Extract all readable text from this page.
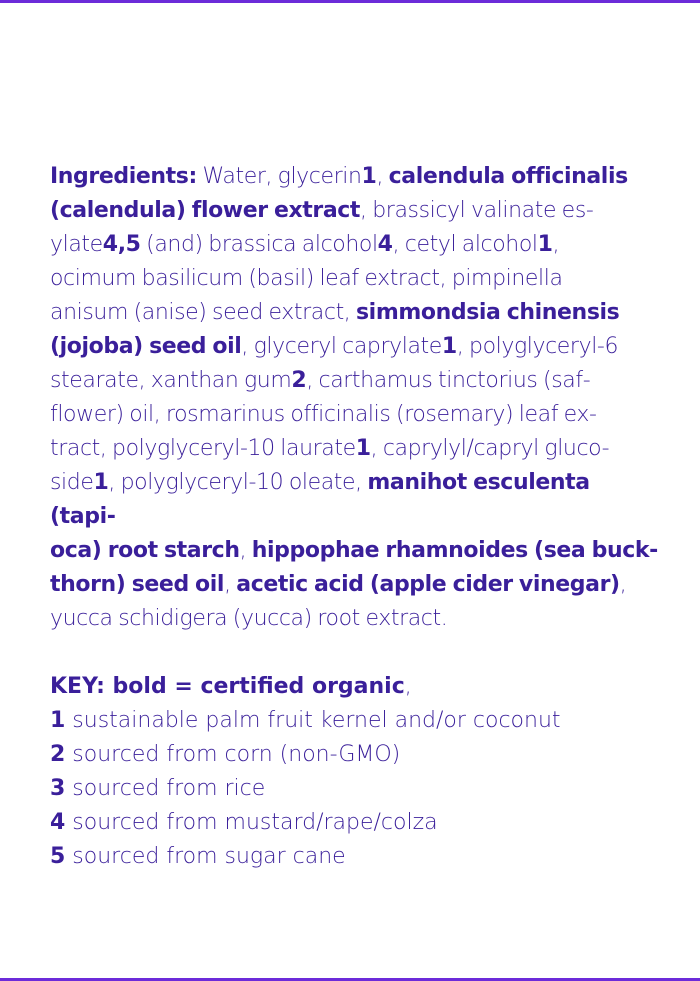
Ingredients: Water, glycerin1, calendula officinalis
(calendula) flower extract, brassicyl valinate es-
ylate4,5 (and) brassica alcohol4, cetyl alcohol1,
ocimum basilicum (basil) leaf extract, pimpinella
anisum (anise) seed extract, simmondsia chinensis
(jojoba) seed oil, glyceryl caprylate1, polyglyceryl-6
stearate, xanthan gum2, carthamus tinctorius (saf-
flower) oil, rosmarinus officinalis (rosemary) leaf ex-
tract, polyglyceryl-10 laurate1, caprylyl/capryl gluco-
side1, polyglyceryl-10 oleate, manihot esculenta (tapi-
oca) root starch, hippophae rhamnoides (sea buck-
thorn) seed oil, acetic acid (apple cider vinegar),
yucca schidigera (yucca) root extract.
KEY: bold = certified organic,
1 sustainable palm fruit kernel and/or coconut
2 sourced from corn (non-GMO)
3 sourced from rice
4 sourced from mustard/rape/colza
5 sourced from sugar cane
